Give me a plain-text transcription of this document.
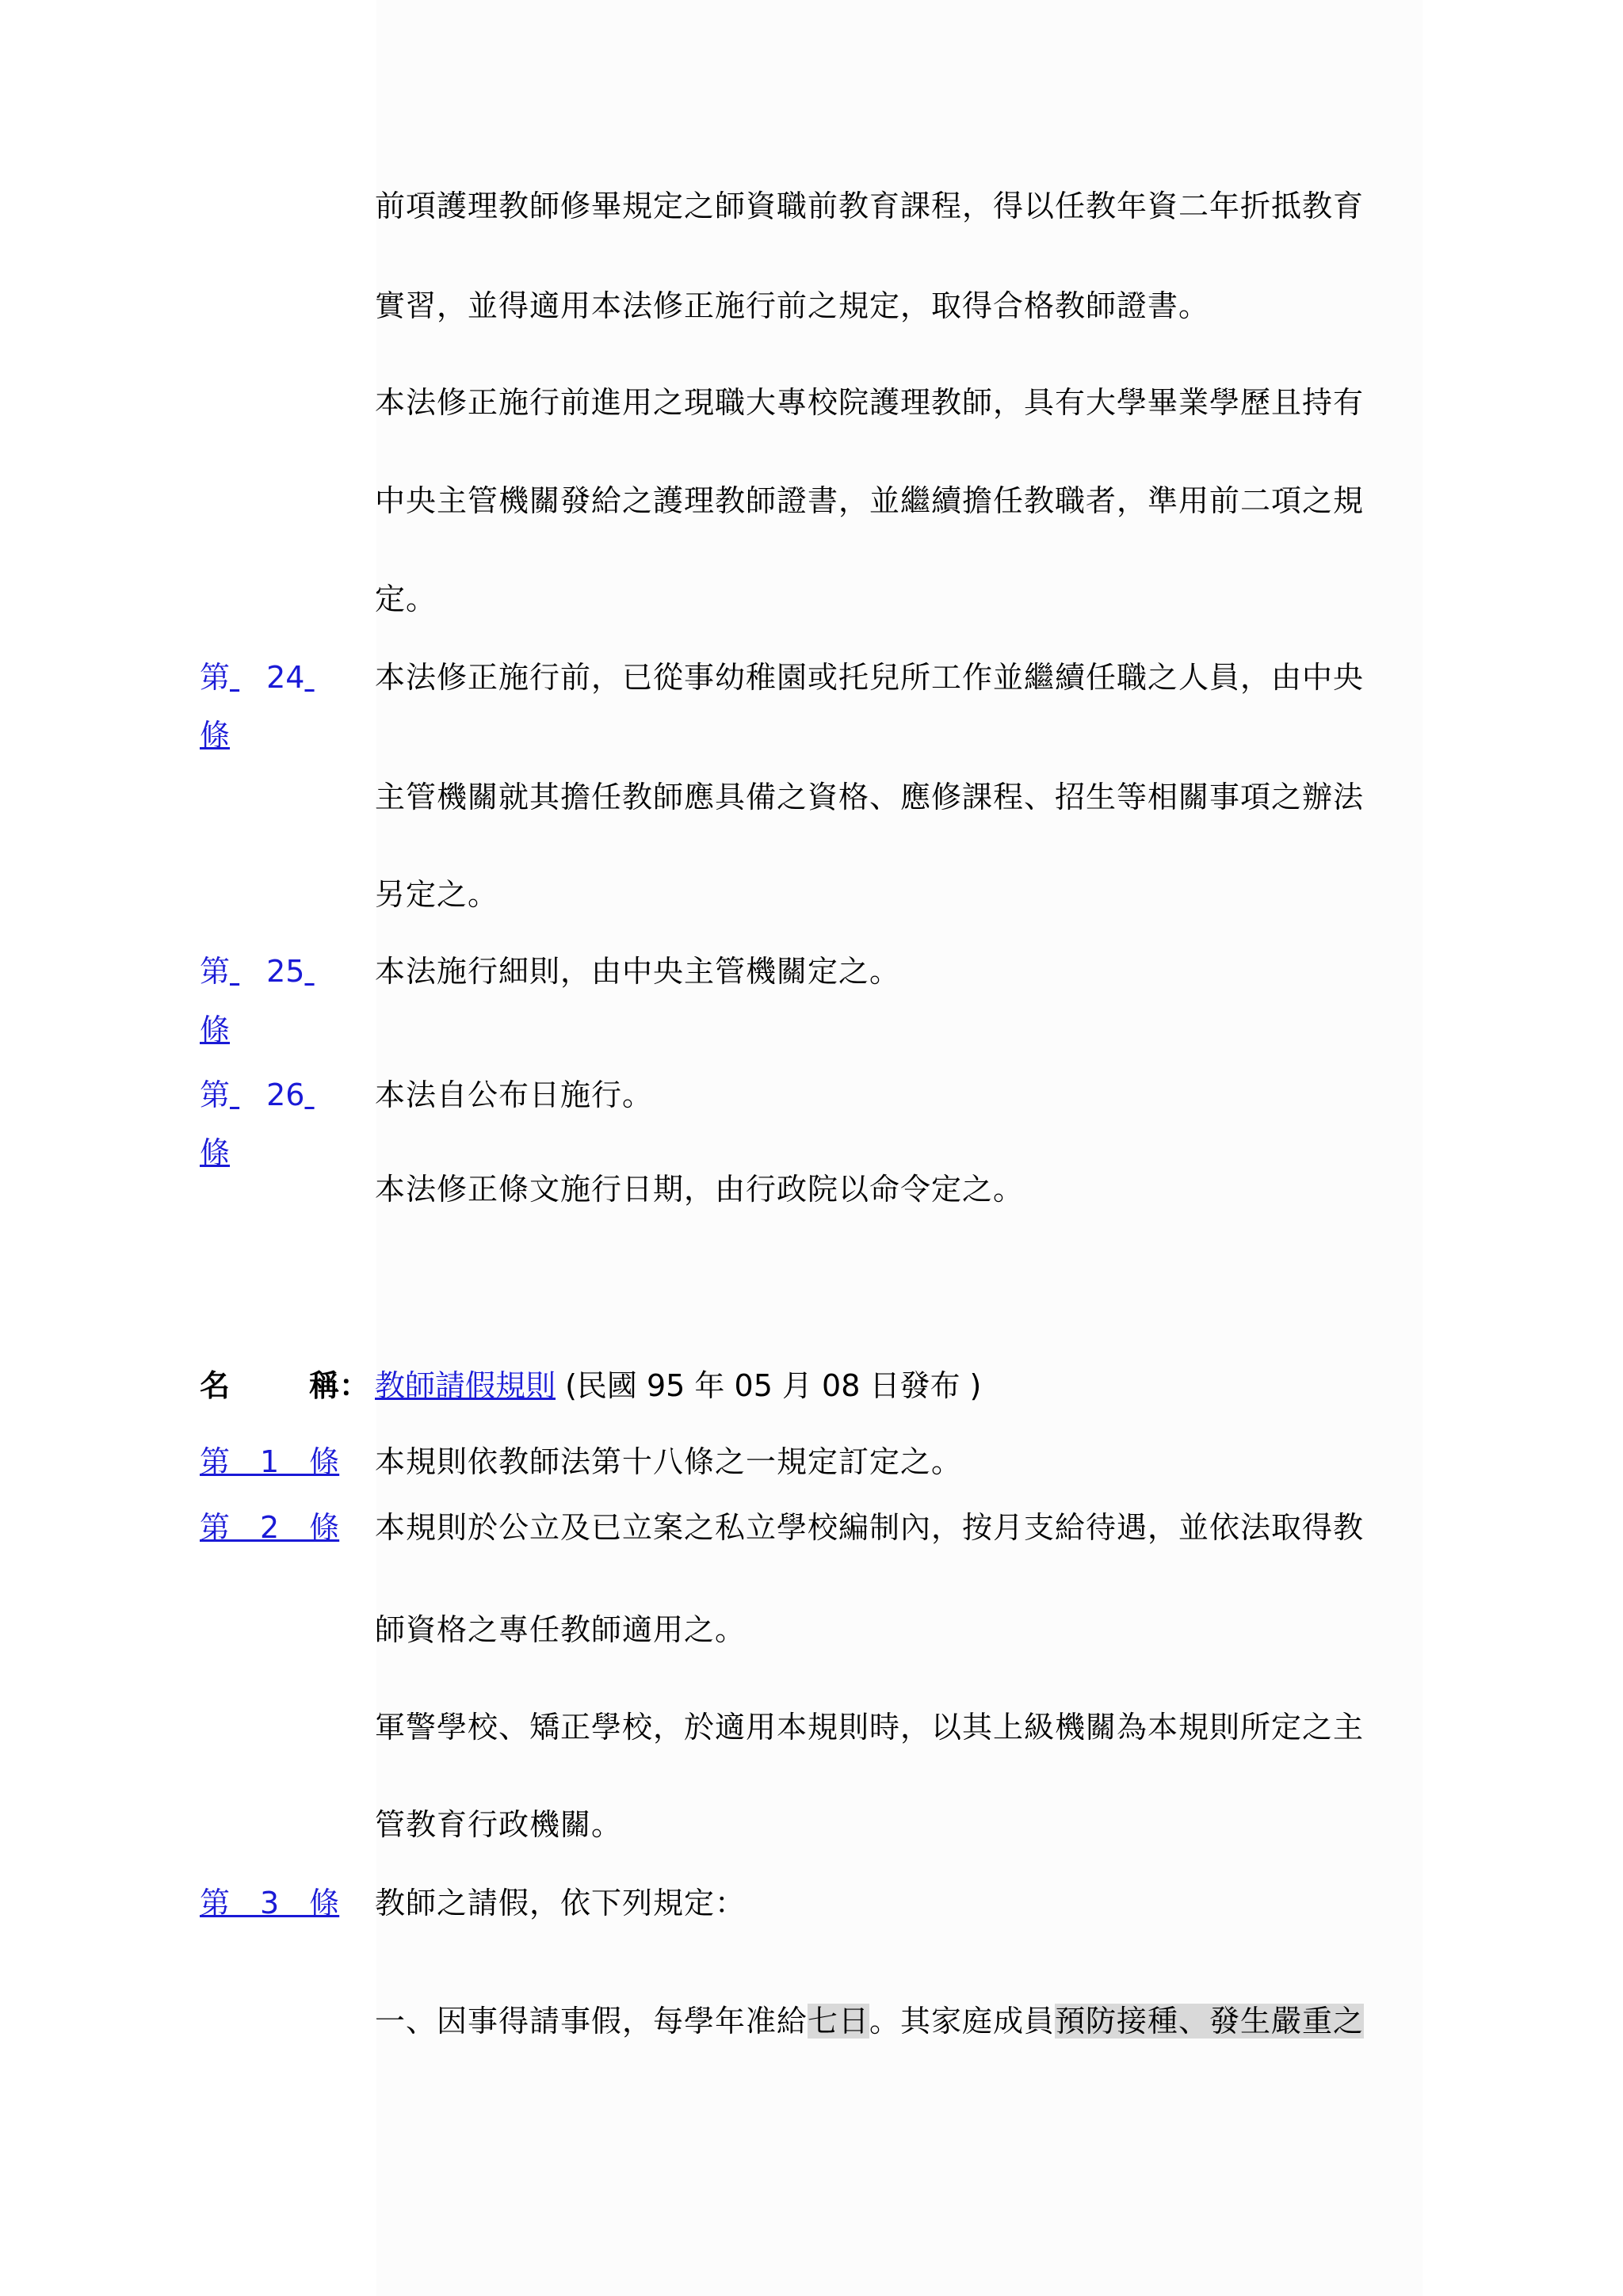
前項護理教師修畢規定之師資職前教育課程，得以任教年資二年折抵教育
實習，並得適用本法修正施行前之規定，取得合格教師證書。
本法修正施行前進用之現職大專校院護理教師，具有大學畢業學歷且持有
中央主管機關發給之護理教師證書，並繼續擔任教職者，準用前二項之規
定。
第 24
條
本法修正施行前，已從事幼稚園或托兒所工作並繼續任職之人員，由中央
主管機關就其擔任教師應具備之資格、應修課程、招生等相關事項之辦法
另定之。
第 25
條
本法施行細則，由中央主管機關定之。
第 26
條
本法自公布日施行。
本法修正條文施行日期，由行政院以命令定之。
名	稱： 教師請假規則 (民國 95 年 05 月 08 日發布 )
第　1　條 本規則依教師法第十八條之一規定訂定之。
第　2　條 本規則於公立及已立案之私立學校編制內，按月支給待遇，並依法取得教
師資格之專任教師適用之。
軍警學校、矯正學校，於適用本規則時，以其上級機關為本規則所定之主
管教育行政機關。
第　3　條 教師之請假，依下列規定：
一、因事得請事假，每學年准給七日。其家庭成員預防接種、發生嚴重之
